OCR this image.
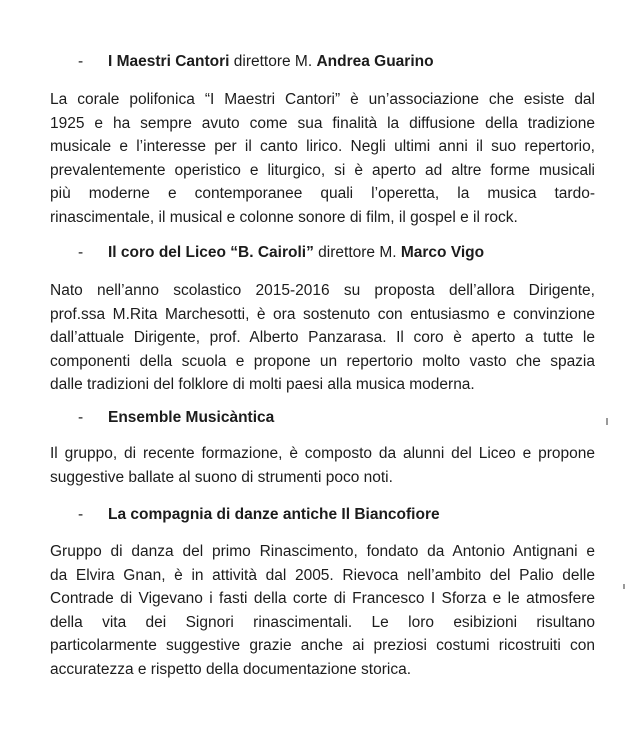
- I Maestri Cantori direttore M. Andrea Guarino
La corale polifonica “I Maestri Cantori” è un’associazione che esiste dal
1925 e ha sempre avuto come sua finalità la diffusione della tradizione
musicale e l’interesse per il canto lirico. Negli ultimi anni il suo repertorio,
prevalentemente operistico e liturgico, si è aperto ad altre forme musicali
più moderne e contemporanee quali l’operetta, la musica tardo-
rinascimentale, il musical e colonne sonore di film, il gospel e il rock.
- Il coro del Liceo “B. Cairoli” direttore M. Marco Vigo
Nato nell’anno scolastico 2015-2016 su proposta dell’allora Dirigente,
prof.ssa M.Rita Marchesotti, è ora sostenuto con entusiasmo e convinzione
dall’attuale Dirigente, prof. Alberto Panzarasa. Il coro è aperto a tutte le
componenti della scuola e propone un repertorio molto vasto che spazia
dalle tradizioni del folklore di molti paesi alla musica moderna.
- Ensemble Musicàntica
Il gruppo, di recente formazione, è composto da alunni del Liceo e propone
suggestive ballate al suono di strumenti poco noti.
- La compagnia di danze antiche Il Biancofiore
Gruppo di danza del primo Rinascimento, fondato da Antonio Antignani e
da Elvira Gnan, è in attività dal 2005. Rievoca nell’ambito del Palio delle
Contrade di Vigevano i fasti della corte di Francesco I Sforza e le atmosfere
della vita dei Signori rinascimentali. Le loro esibizioni risultano
particolarmente suggestive grazie anche ai preziosi costumi ricostruiti con
accuratezza e rispetto della documentazione storica.
